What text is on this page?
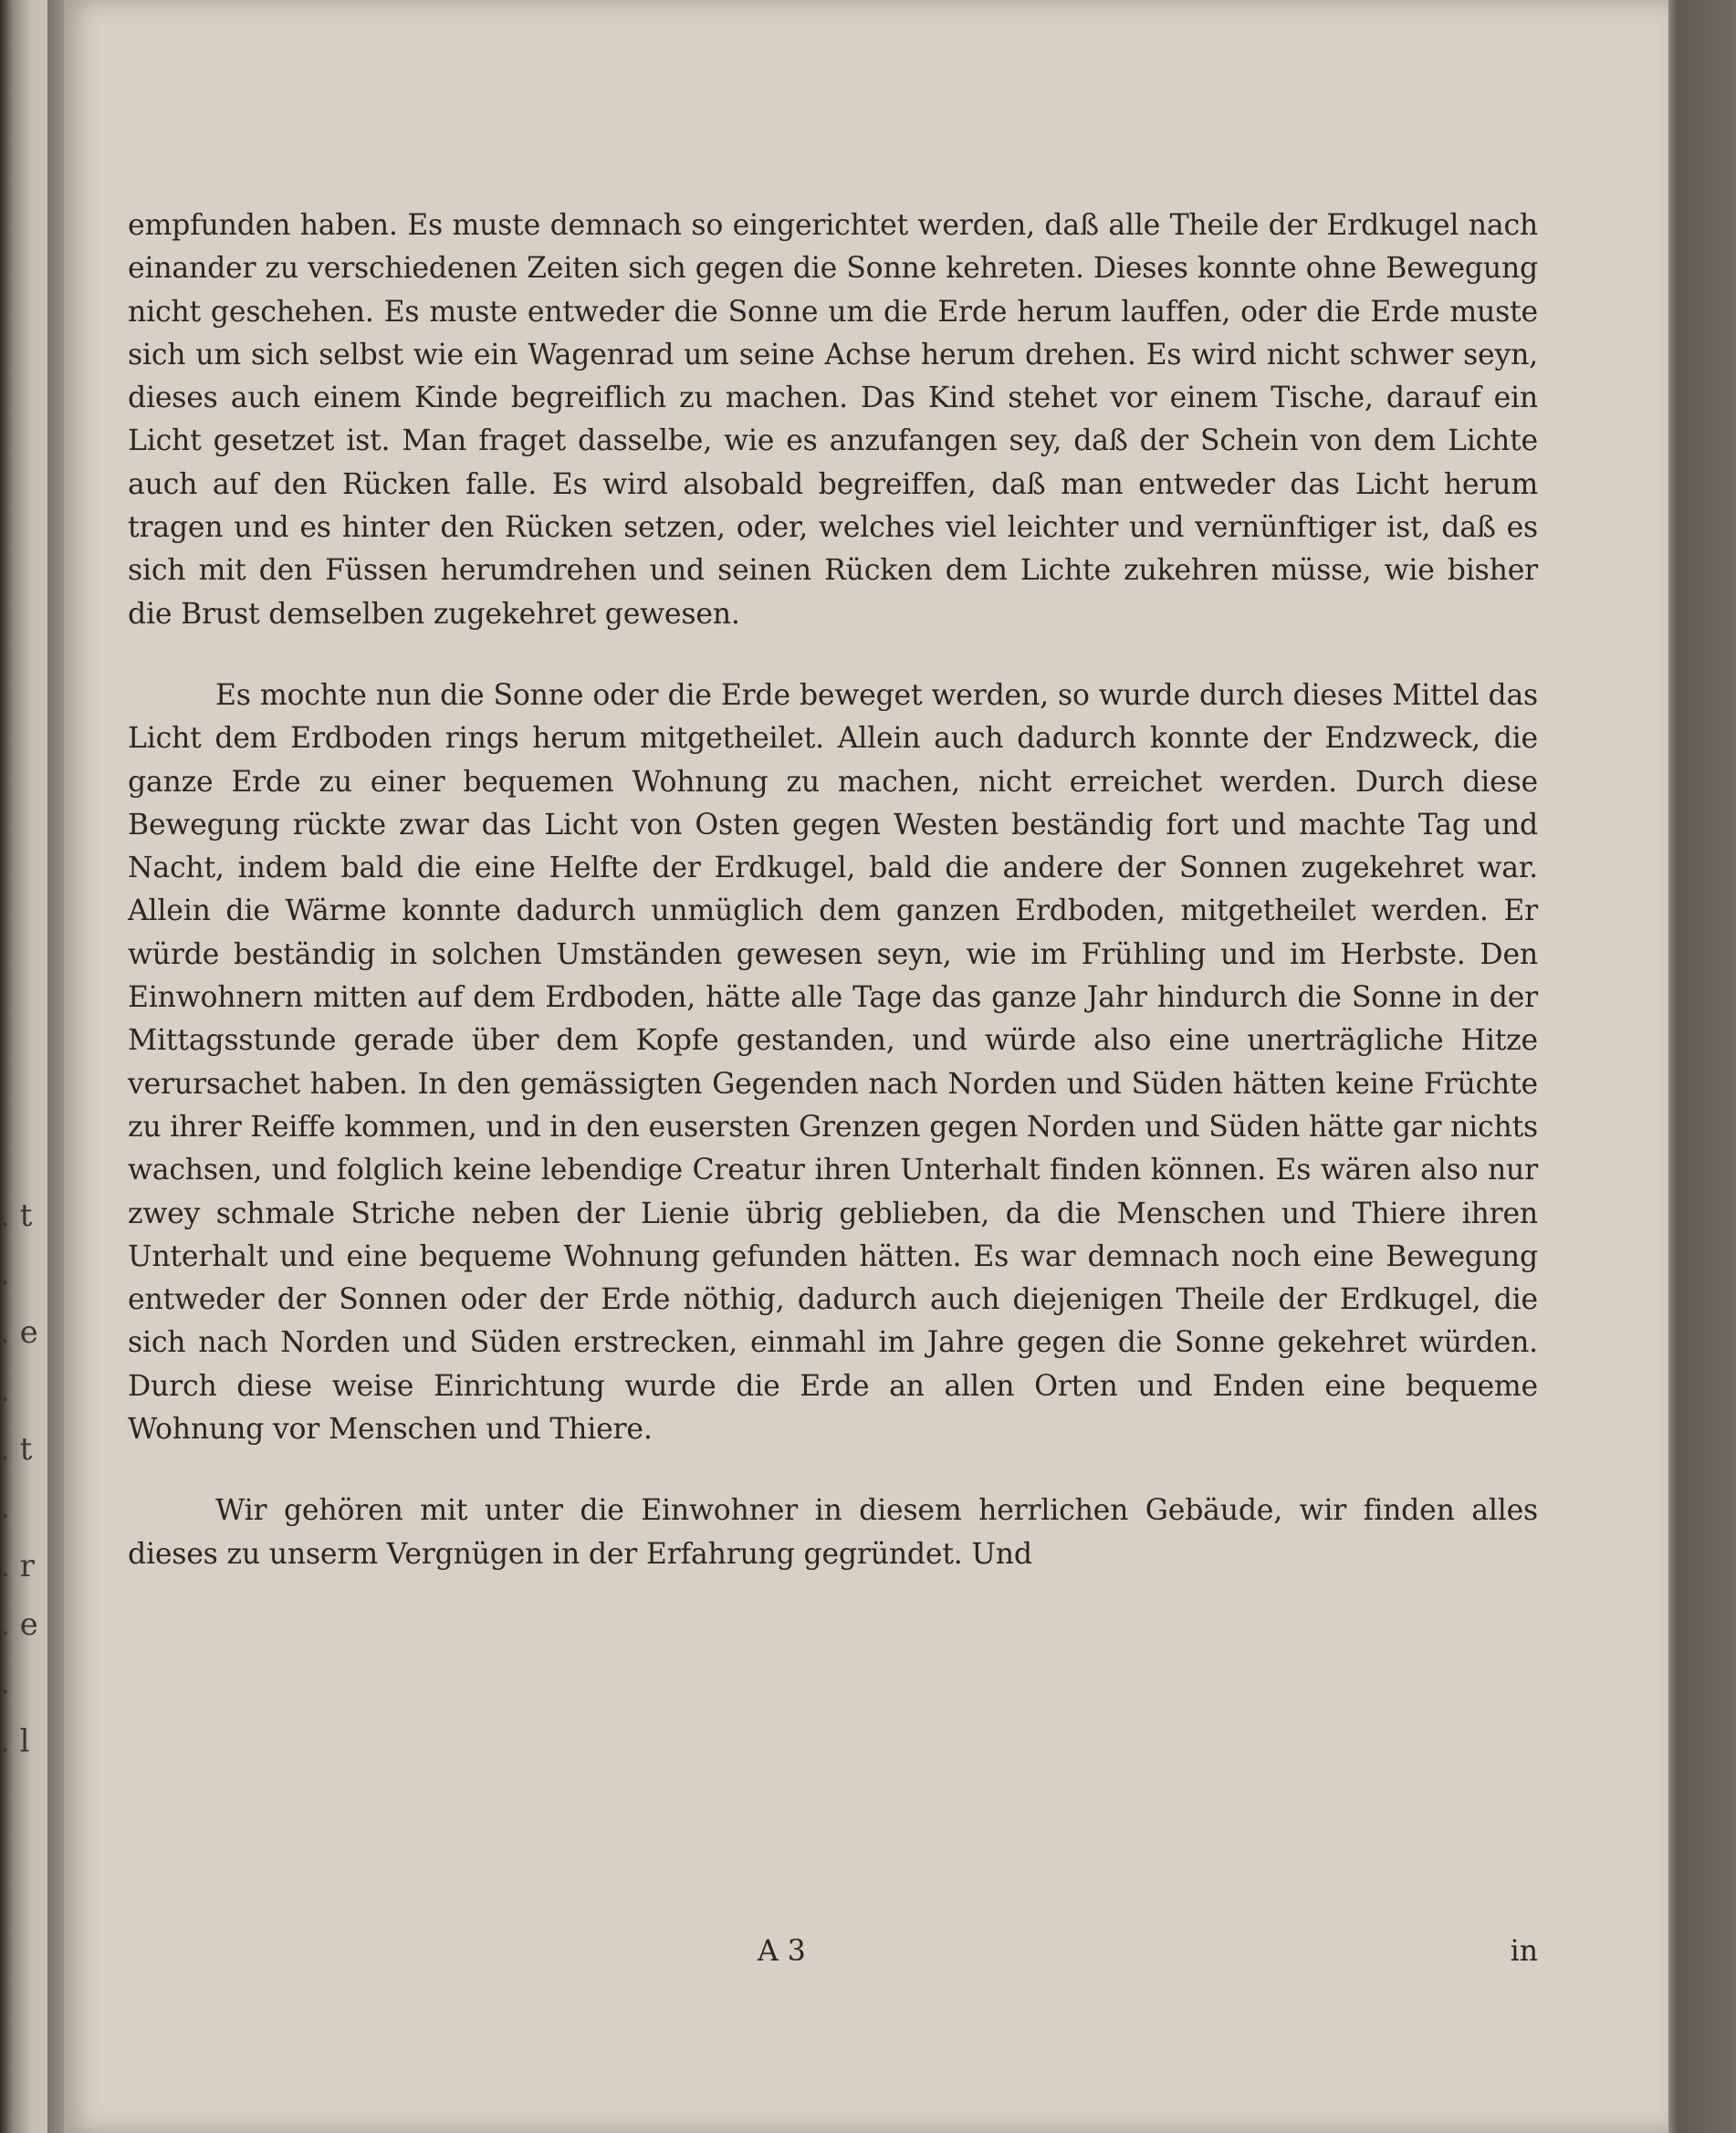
. t
.
. e
.
. t
.
. r
. e
.
. l

empfunden haben. Es muste demnach so eingerichtet werden, daß alle Theile der Erdkugel nach einander zu verschiedenen Zeiten sich gegen die Sonne kehreten. Dieses konnte ohne Bewegung nicht geschehen. Es muste entweder die Sonne um die Erde herum lauffen, oder die Erde muste sich um sich selbst wie ein Wagenrad um seine Achse herum drehen. Es wird nicht schwer seyn, dieses auch einem Kinde begreiflich zu machen. Das Kind stehet vor einem Tische, darauf ein Licht gesetzet ist. Man fraget dasselbe, wie es anzufangen sey, daß der Schein von dem Lichte auch auf den Rücken falle. Es wird alsobald begreiffen, daß man entweder das Licht herum tragen und es hinter den Rücken setzen, oder, welches viel leichter und vernünftiger ist, daß es sich mit den Füssen herumdrehen und seinen Rücken dem Lichte zukehren müsse, wie bisher die Brust demselben zugekehret gewesen.

Es mochte nun die Sonne oder die Erde beweget werden, so wurde durch dieses Mittel das Licht dem Erdboden rings herum mitgetheilet. Allein auch dadurch konnte der Endzweck, die ganze Erde zu einer bequemen Wohnung zu machen, nicht erreichet werden. Durch diese Bewegung rückte zwar das Licht von Osten gegen Westen beständig fort und machte Tag und Nacht, indem bald die eine Helfte der Erdkugel, bald die andere der Sonnen zugekehret war. Allein die Wärme konnte dadurch unmüglich dem ganzen Erdboden, mitgetheilet werden. Er würde beständig in solchen Umständen gewesen seyn, wie im Frühling und im Herbste. Den Einwohnern mitten auf dem Erdboden, hätte alle Tage das ganze Jahr hindurch die Sonne in der Mittagsstunde gerade über dem Kopfe gestanden, und würde also eine unerträgliche Hitze verursachet haben. In den gemässigten Gegenden nach Norden und Süden hätten keine Früchte zu ihrer Reiffe kommen, und in den eusersten Grenzen gegen Norden und Süden hätte gar nichts wachsen, und folglich keine lebendige Creatur ihren Unterhalt finden können. Es wären also nur zwey schmale Striche neben der Lienie übrig geblieben, da die Menschen und Thiere ihren Unterhalt und eine bequeme Wohnung gefunden hätten. Es war demnach noch eine Bewegung entweder der Sonnen oder der Erde nöthig, dadurch auch diejenigen Theile der Erdkugel, die sich nach Norden und Süden erstrecken, einmahl im Jahre gegen die Sonne gekehret würden. Durch diese weise Einrichtung wurde die Erde an allen Orten und Enden eine bequeme Wohnung vor Menschen und Thiere.

Wir gehören mit unter die Einwohner in diesem herrlichen Gebäude, wir finden alles dieses zu unserm Vergnügen in der Erfahrung gegründet. Und

A 3	in
